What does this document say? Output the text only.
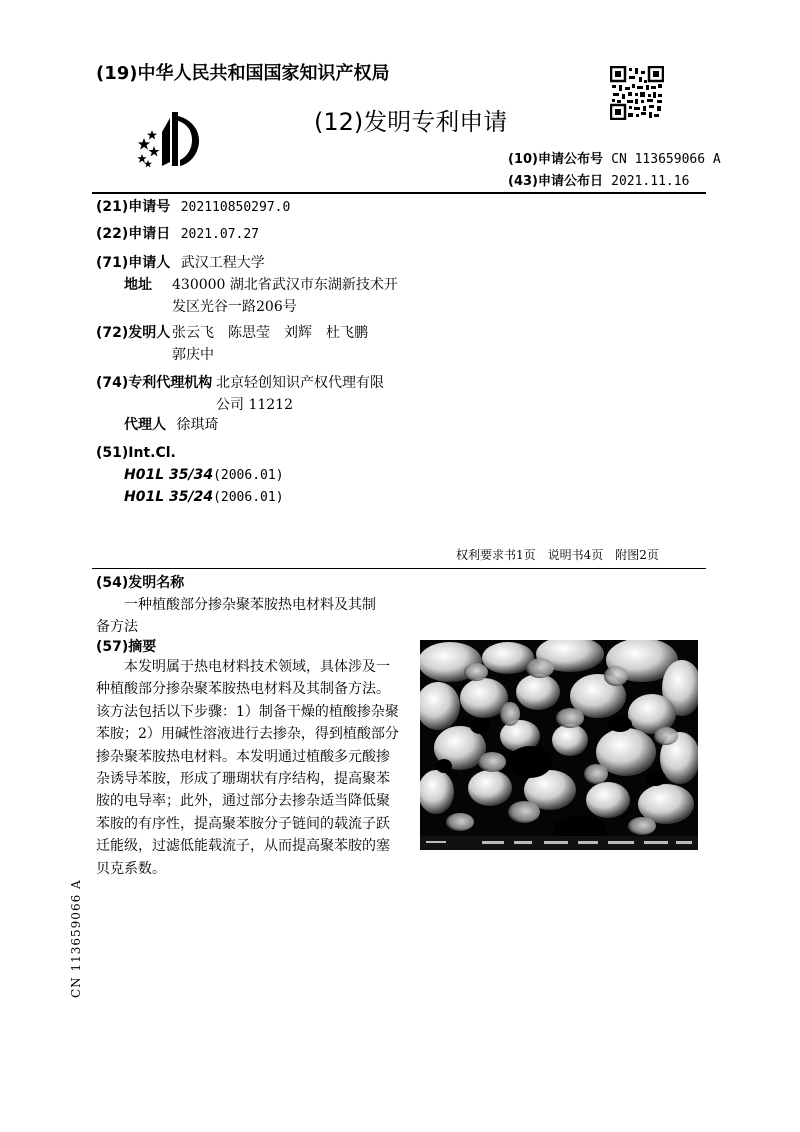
(19)中华人民共和国国家知识产权局
(12)发明专利申请
(10)申请公布号 CN 113659066 A
(43)申请公布日 2021.11.16
(21)申请号 202110850297.0
(22)申请日 2021.07.27
(71)申请人 武汉工程大学
地址 430000 湖北省武汉市东湖新技术开
发区光谷一路206号
(72)发明人 张云飞　陈思莹　刘辉　杜飞鹏
郭庆中
(74)专利代理机构 北京轻创知识产权代理有限
公司 11212
代理人 徐琪琦
(51)Int.Cl.
H01L 35/34(2006.01)
H01L 35/24(2006.01)
权利要求书1页　说明书4页　附图2页
(54)发明名称
一种植酸部分掺杂聚苯胺热电材料及其制
备方法
(57)摘要
本发明属于热电材料技术领域，具体涉及一
种植酸部分掺杂聚苯胺热电材料及其制备方法。
该方法包括以下步骤：1）制备干燥的植酸掺杂聚
苯胺；2）用碱性溶液进行去掺杂，得到植酸部分
掺杂聚苯胺热电材料。本发明通过植酸多元酸掺
杂诱导苯胺，形成了珊瑚状有序结构，提高聚苯
胺的电导率；此外，通过部分去掺杂适当降低聚
苯胺的有序性，提高聚苯胺分子链间的载流子跃
迁能级，过滤低能载流子，从而提高聚苯胺的塞
贝克系数。
CN 113659066 A
